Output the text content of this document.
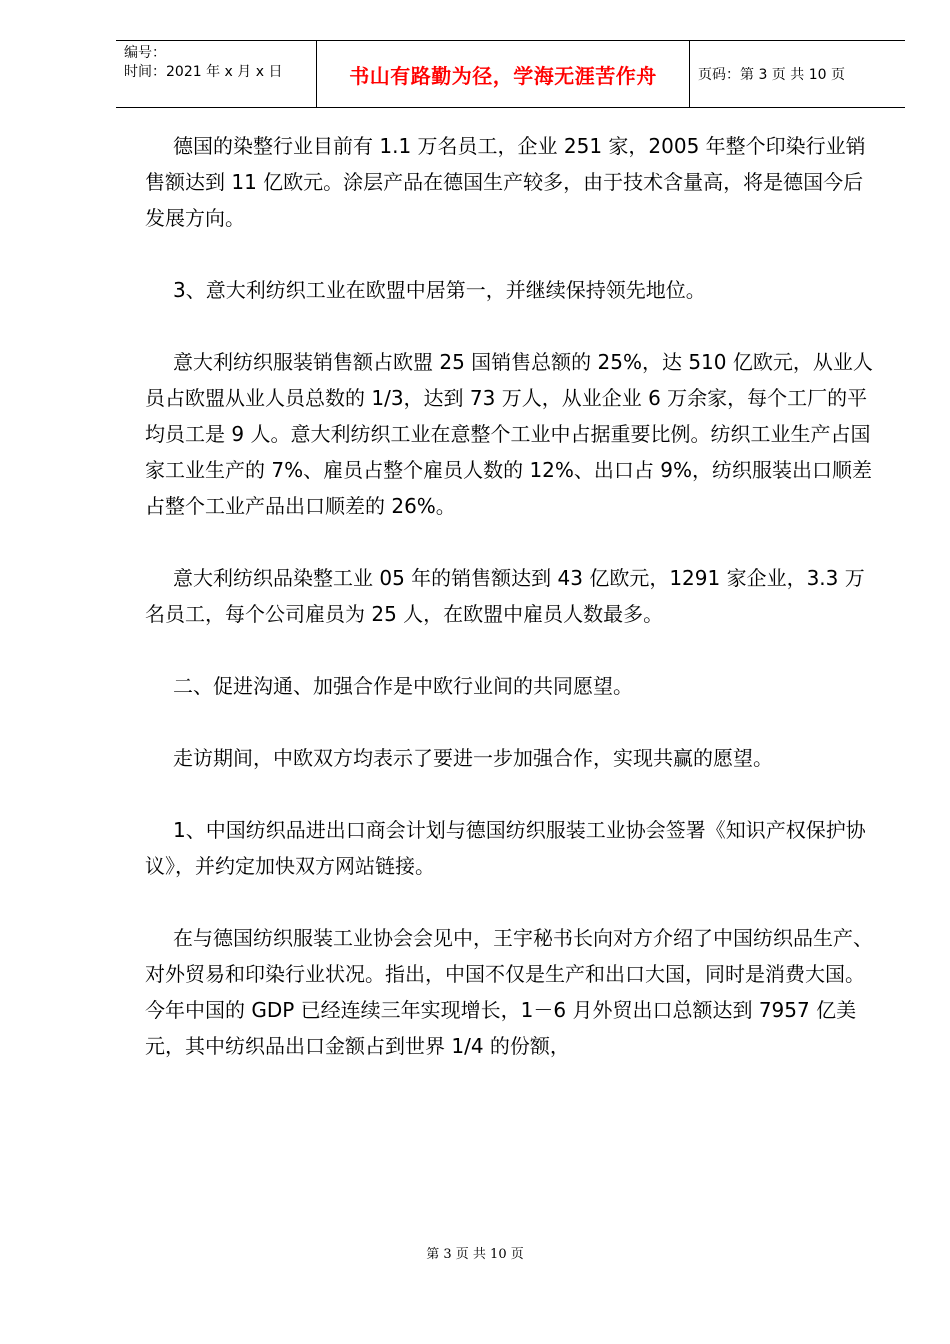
编号：
时间：2021 年 x 月 x 日	书山有路勤为径，学海无涯苦作舟	页码：第 3 页 共 10 页

德国的染整行业目前有 1.1 万名员工，企业 251 家，2005 年整个印染行业销售额达到 11 亿欧元。涂层产品在德国生产较多，由于技术含量高，将是德国今后发展方向。

3、意大利纺织工业在欧盟中居第一，并继续保持领先地位。

意大利纺织服装销售额占欧盟 25 国销售总额的 25%，达 510 亿欧元，从业人员占欧盟从业人员总数的 1/3，达到 73 万人，从业企业 6 万余家，每个工厂的平均员工是 9 人。意大利纺织工业在意整个工业中占据重要比例。纺织工业生产占国家工业生产的 7%、雇员占整个雇员人数的 12%、出口占 9%，纺织服装出口顺差占整个工业产品出口顺差的 26%。

意大利纺织品染整工业 05 年的销售额达到 43 亿欧元，1291 家企业，3.3 万名员工，每个公司雇员为 25 人，在欧盟中雇员人数最多。

二、促进沟通、加强合作是中欧行业间的共同愿望。

走访期间，中欧双方均表示了要进一步加强合作，实现共赢的愿望。

1、中国纺织品进出口商会计划与德国纺织服装工业协会签署《知识产权保护协议》，并约定加快双方网站链接。

在与德国纺织服装工业协会会见中，王宇秘书长向对方介绍了中国纺织品生产、对外贸易和印染行业状况。指出，中国不仅是生产和出口大国，同时是消费大国。今年中国的 GDP 已经连续三年实现增长，1－6 月外贸出口总额达到 7957 亿美元，其中纺织品出口金额占到世界 1/4 的份额，

第 3 页 共 10 页
